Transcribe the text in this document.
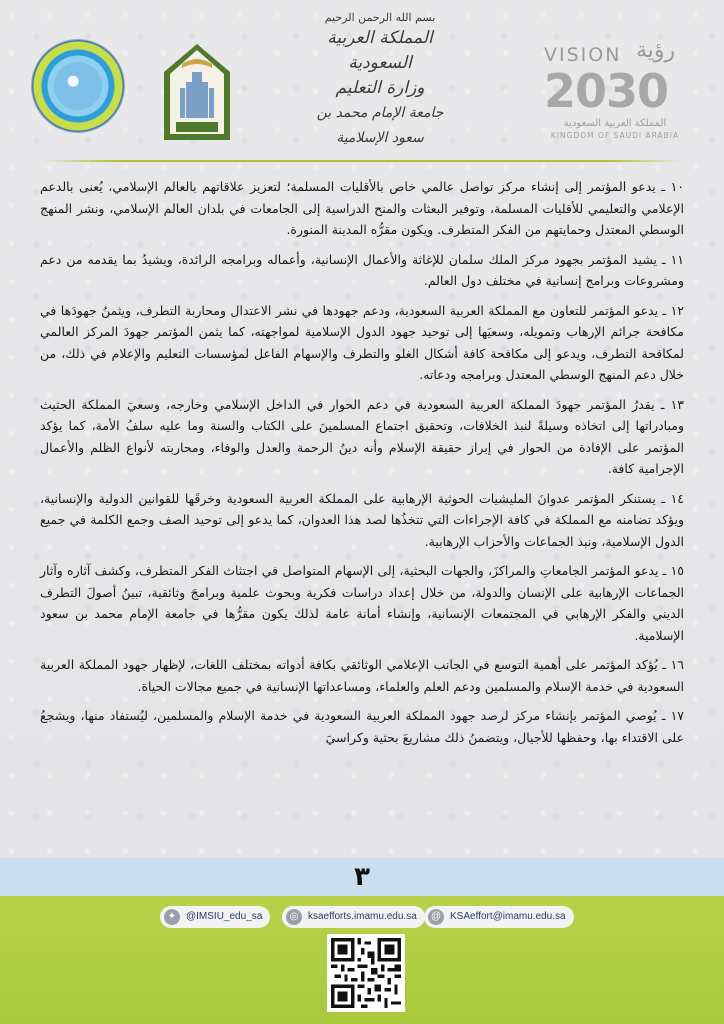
بسم الله الرحمن الرحيم
المملكة العربية السعودية
وزارة التعليم
جامعة الإمام محمد بن سعود الإسلامية
VISION رؤية
2030
المملكة العربية السعودية
KINGDOM OF SAUDI ARABIA

١٠ ـ يدعو المؤتمر إلى إنشاء مركز تواصل عالمي خاص بالأقليات المسلمة؛ لتعزيز علاقاتهم بالعالم الإسلامي، يُعنى بالدعم الإعلامي والتعليمي للأقليات المسلمة، وتوفير البعثات والمنح الدراسية إلى الجامعات في بلدان العالم الإسلامي، ونشر المنهج الوسطي المعتدل وحمايتهم من الفكر المتطرف. ويكون مقرُّه المدينة المنورة.

١١ ـ يشيد المؤتمر بجهود مركز الملك سلمان للإغاثة والأعمال الإنسانية، وأعماله وبرامجه الرائدة، ويشيدُ بما يقدمه من دعم ومشروعات وبرامج إنسانية في مختلف دول العالم.

١٢ ـ يدعو المؤتمر للتعاون مع المملكة العربية السعودية، ودعم جهودها في نشر الاعتدال ومحاربة التطرف، ويثمنُ جهودَها في مكافحة جرائم الإرهاب وتمويله، وسعيَها إلى توحيد جهود الدول الإسلامية لمواجهته، كما يثمن المؤتمر جهودَ المركز العالمي لمكافحة التطرف، ويدعو إلى مكافحة كافة أشكال الغلو والتطرف والإسهام الفاعل لمؤسسات التعليم والإعلام في ذلك، من خلال دعم المنهج الوسطي المعتدل وبرامجه ودعاته.

١٣ ـ يقدرُ المؤتمر جهودَ المملكة العربية السعودية في دعم الحوار في الداخل الإسلامي وخارجه، وسعيَ المملكة الحثيث ومبادراتها إلى اتخاذه وسيلةً لنبذ الخلافات، وتحقيق اجتماع المسلمينَ على الكتاب والسنة وما عليه سلفُ الأمة، كما يؤكد المؤتمر على الإفادة من الحوار في إبراز حقيقة الإسلام وأنه دينُ الرحمة والعدل والوفاء، ومحاربته لأنواع الظلم والأعمال الإجرامية كافة.

١٤ ـ يستنكر المؤتمر عدوانَ المليشيات الحوثية الإرهابية على المملكة العربية السعودية وخرقَها للقوانين الدولية والإنسانية، ويؤكد تضامنه مع المملكة في كافة الإجراءات التي تتخذُها لصد هذا العدوان، كما يدعو إلى توحيد الصف وجمع الكلمة في جميع الدول الإسلامية، ونبذ الجماعات والأحزاب الإرهابية.

١٥ ـ يدعو المؤتمر الجامعاتِ والمراكزَ، والجهات البحثية، إلى الإسهام المتواصل في اجتثاث الفكر المتطرف، وكشف آثاره وآثار الجماعات الإرهابية على الإنسان والدولة، من خلال إعداد دراسات فكرية وبحوث علمية وبرامجَ وثائقية، تبينُ أصولَ التطرف الديني والفكر الإرهابي في المجتمعات الإنسانية، وإنشاء أمانة عامة لذلك يكون مقرُّها في جامعة الإمام محمد بن سعود الإسلامية.

١٦ ـ يُؤكد المؤتمر على أهمية التوسع في الجانب الإعلامي الوثائقي بكافة أدواته بمختلف اللغات، لإظهار جهود المملكة العربية السعودية في خدمة الإسلام والمسلمين ودعم العلم والعلماء، ومساعداتها الإنسانية في جميع مجالات الحياة.

١٧ ـ يُوصي المؤتمر بإنشاء مركز لرصد جهود المملكة العربية السعودية في خدمة الإسلام والمسلمين، ليُستفاد منها، ويشجعُ على الاقتداء بها، وحفظها للأجيال، ويتضمنُ ذلك مشاريعَ بحثية وكراسيَ

٣
✦ @IMSIU_edu_sa	◎ ksaefforts.imamu.edu.sa	@ KSAeffort@imamu.edu.sa
